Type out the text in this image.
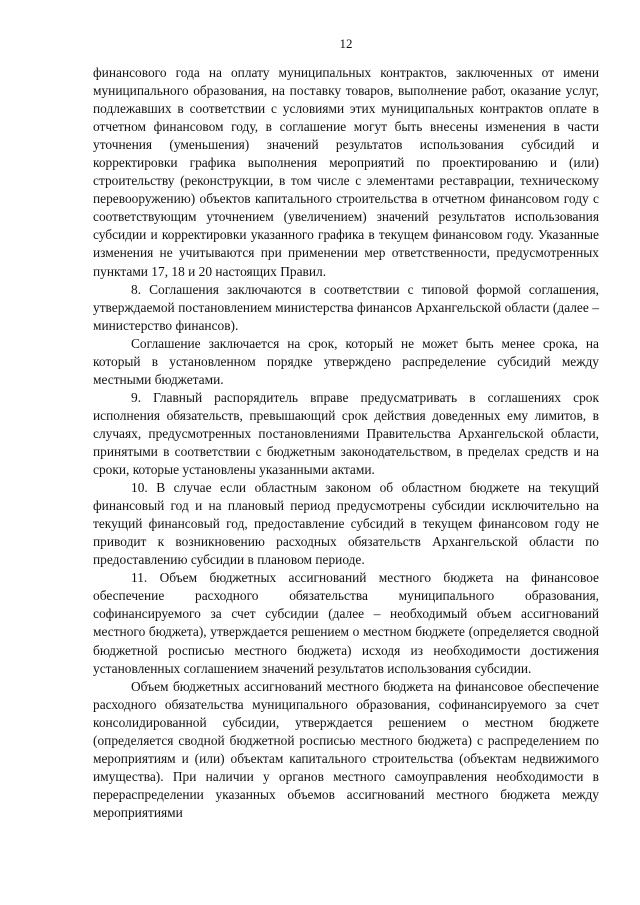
12

финансового года на оплату муниципальных контрактов, заключенных от имени муниципального образования, на поставку товаров, выполнение работ, оказание услуг, подлежавших в соответствии с условиями этих муниципальных контрактов оплате в отчетном финансовом году, в соглашение могут быть внесены изменения в части уточнения (уменьшения) значений результатов использования субсидий и корректировки графика выполнения мероприятий по проектированию и (или) строительству (реконструкции, в том числе с элементами реставрации, техническому перевооружению) объектов капитального строительства в отчетном финансовом году с соответствующим уточнением (увеличением) значений результатов использования субсидии и корректировки указанного графика в текущем финансовом году. Указанные изменения не учитываются при применении мер ответственности, предусмотренных пунктами 17, 18 и 20 настоящих Правил.

8. Соглашения заключаются в соответствии с типовой формой соглашения, утверждаемой постановлением министерства финансов Архангельской области (далее – министерство финансов).

Соглашение заключается на срок, который не может быть менее срока, на который в установленном порядке утверждено распределение субсидий между местными бюджетами.

9. Главный распорядитель вправе предусматривать в соглашениях срок исполнения обязательств, превышающий срок действия доведенных ему лимитов, в случаях, предусмотренных постановлениями Правительства Архангельской области, принятыми в соответствии с бюджетным законодательством, в пределах средств и на сроки, которые установлены указанными актами.

10. В случае если областным законом об областном бюджете на текущий финансовый год и на плановый период предусмотрены субсидии исключительно на текущий финансовый год, предоставление субсидий в текущем финансовом году не приводит к возникновению расходных обязательств Архангельской области по предоставлению субсидии в плановом периоде.

11. Объем бюджетных ассигнований местного бюджета на финансовое обеспечение расходного обязательства муниципального образования, софинансируемого за счет субсидии (далее – необходимый объем ассигнований местного бюджета), утверждается решением о местном бюджете (определяется сводной бюджетной росписью местного бюджета) исходя из необходимости достижения установленных соглашением значений результатов использования субсидии.

Объем бюджетных ассигнований местного бюджета на финансовое обеспечение расходного обязательства муниципального образования, софинансируемого за счет консолидированной субсидии, утверждается решением о местном бюджете (определяется сводной бюджетной росписью местного бюджета) с распределением по мероприятиям и (или) объектам капитального строительства (объектам недвижимого имущества). При наличии у органов местного самоуправления необходимости в перераспределении указанных объемов ассигнований местного бюджета между мероприятиями
